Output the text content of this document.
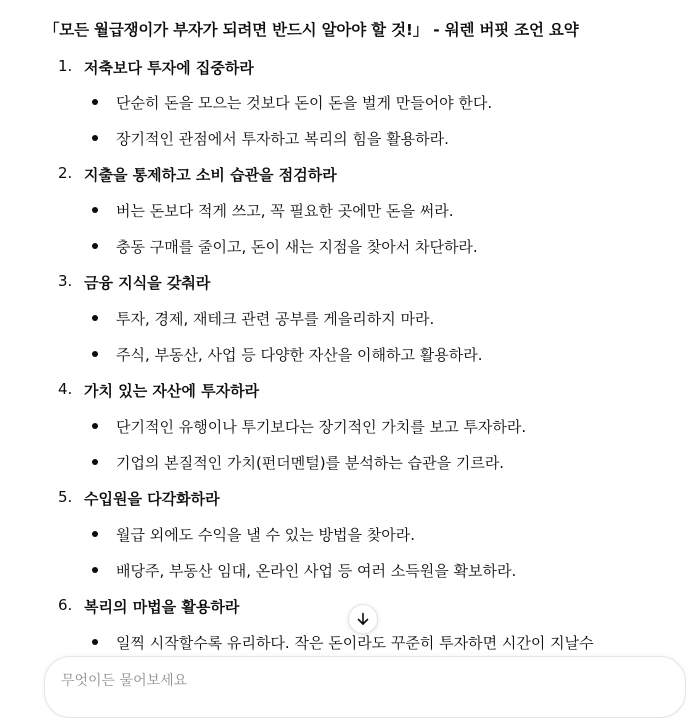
「모든 월급쟁이가 부자가 되려면 반드시 알아야 할 것!」 - 워렌 버핏 조언 요약
1. 저축보다 투자에 집중하라
단순히 돈을 모으는 것보다 돈이 돈을 벌게 만들어야 한다.
장기적인 관점에서 투자하고 복리의 힘을 활용하라.
2. 지출을 통제하고 소비 습관을 점검하라
버는 돈보다 적게 쓰고, 꼭 필요한 곳에만 돈을 써라.
충동 구매를 줄이고, 돈이 새는 지점을 찾아서 차단하라.
3. 금융 지식을 갖춰라
투자, 경제, 재테크 관련 공부를 게을리하지 마라.
주식, 부동산, 사업 등 다양한 자산을 이해하고 활용하라.
4. 가치 있는 자산에 투자하라
단기적인 유행이나 투기보다는 장기적인 가치를 보고 투자하라.
기업의 본질적인 가치(펀더멘털)를 분석하는 습관을 기르라.
5. 수입원을 다각화하라
월급 외에도 수익을 낼 수 있는 방법을 찾아라.
배당주, 부동산 임대, 온라인 사업 등 여러 소득원을 확보하라.
6. 복리의 마법을 활용하라
일찍 시작할수록 유리하다. 작은 돈이라도 꾸준히 투자하면 시간이 지날수
무엇이든 물어보세요
